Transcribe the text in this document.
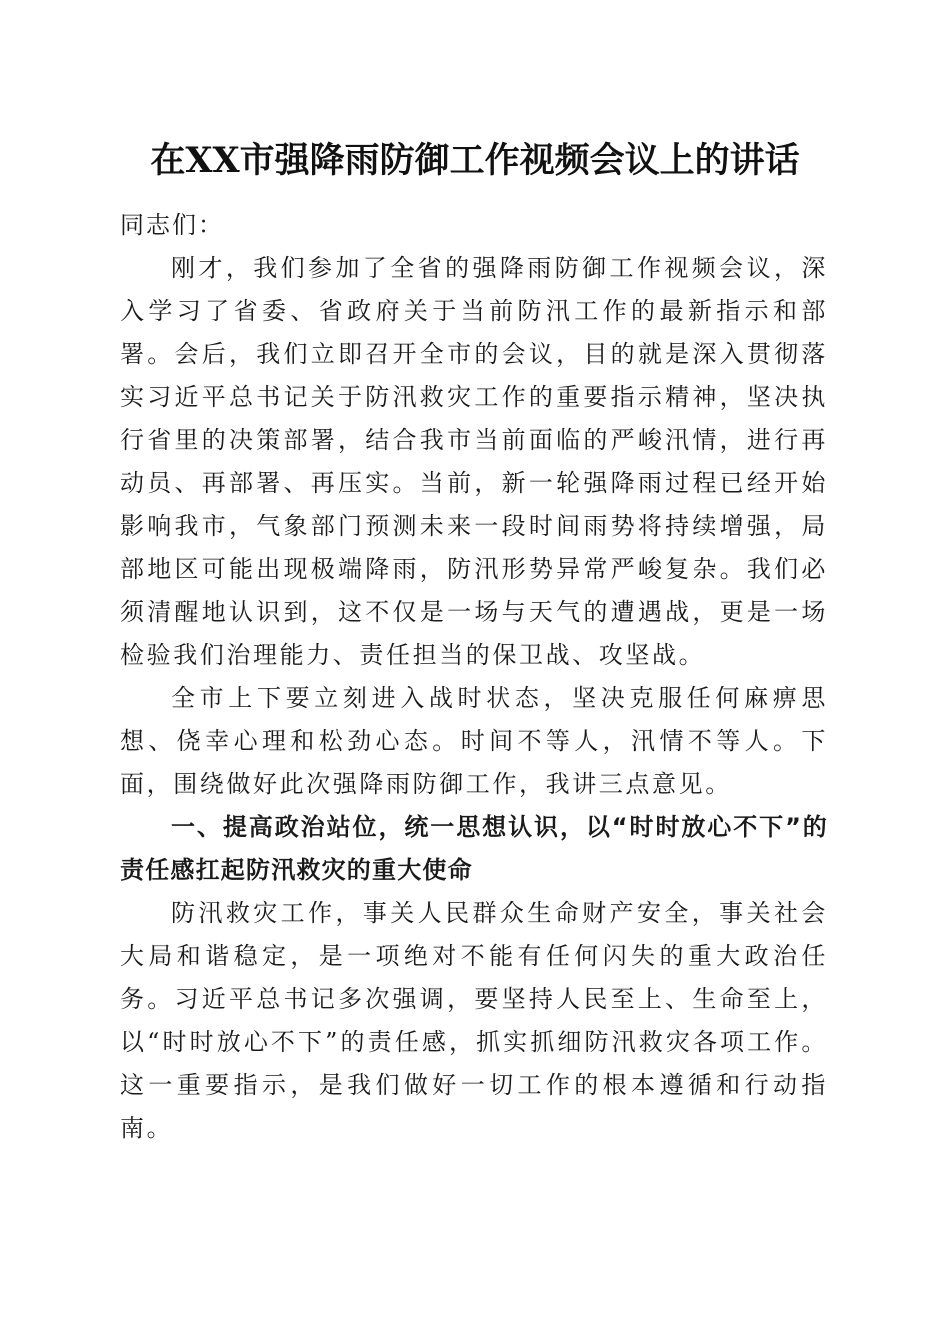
在XX市强降雨防御工作视频会议上的讲话
同志们：

刚才，我们参加了全省的强降雨防御工作视频会议，深入学习了省委、省政府关于当前防汛工作的最新指示和部署。会后，我们立即召开全市的会议，目的就是深入贯彻落实习近平总书记关于防汛救灾工作的重要指示精神，坚决执行省里的决策部署，结合我市当前面临的严峻汛情，进行再动员、再部署、再压实。当前，新一轮强降雨过程已经开始影响我市，气象部门预测未来一段时间雨势将持续增强，局部地区可能出现极端降雨，防汛形势异常严峻复杂。我们必须清醒地认识到，这不仅是一场与天气的遭遇战，更是一场检验我们治理能力、责任担当的保卫战、攻坚战。

全市上下要立刻进入战时状态，坚决克服任何麻痹思想、侥幸心理和松劲心态。时间不等人，汛情不等人。下面，围绕做好此次强降雨防御工作，我讲三点意见。

一、提高政治站位，统一思想认识，以“时时放心不下”的责任感扛起防汛救灾的重大使命

防汛救灾工作，事关人民群众生命财产安全，事关社会大局和谐稳定，是一项绝对不能有任何闪失的重大政治任务。习近平总书记多次强调，要坚持人民至上、生命至上，以“时时放心不下”的责任感，抓实抓细防汛救灾各项工作。这一重要指示，是我们做好一切工作的根本遵循和行动指南。
